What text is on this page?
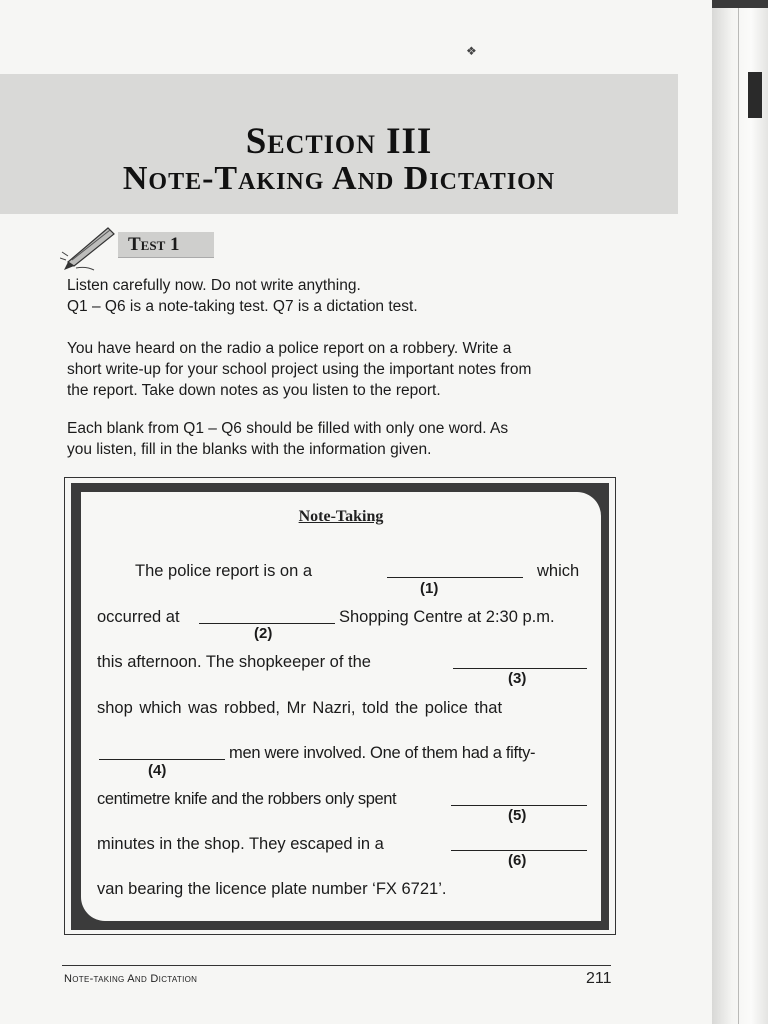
❖
Section III
Note-Taking And Dictation
Test 1

Listen carefully now. Do not write anything.
Q1 – Q6 is a note-taking test. Q7 is a dictation test.

You have heard on the radio a police report on a robbery. Write a
short write-up for your school project using the important notes from
the report. Take down notes as you listen to the report.

Each blank from Q1 – Q6 should be filled with only one word. As
you listen, fill in the blanks with the information given.

Note-Taking
The police report is on a	which
(1)
occurred at	Shopping Centre at 2:30 p.m.
(2)
this afternoon. The shopkeeper of the
(3)
shop which was robbed, Mr Nazri, told the police that
men were involved. One of them had a fifty-
(4)
centimetre knife and the robbers only spent
(5)
minutes in the shop. They escaped in a
(6)
van bearing the licence plate number ‘FX 6721’.
Note-taking And Dictation	211
